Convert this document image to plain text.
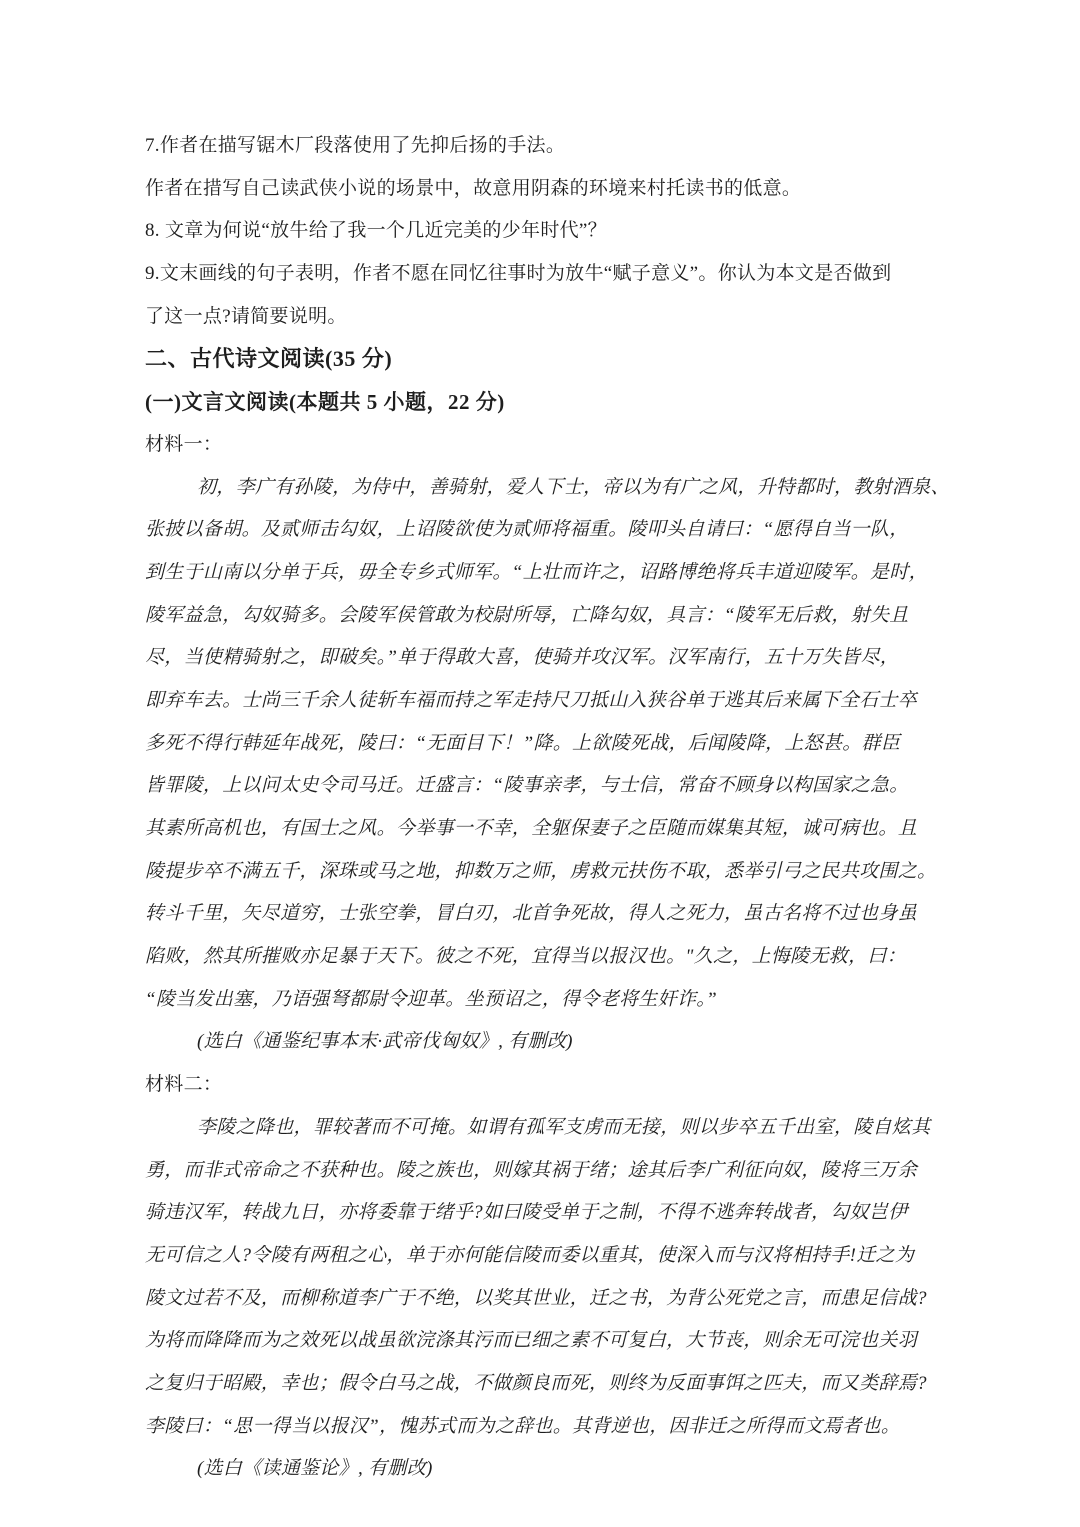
7.作者在描写锯木厂段落使用了先抑后扬的手法。
作者在措写自己读武侠小说的场景中，故意用阴森的环境来村托读书的低意。
8. 文章为何说“放牛给了我一个几近完美的少年时代”？
9.文末画线的句子表明，作者不愿在同忆往事时为放牛“赋子意义”。你认为本文是否做到
了这一点?请简要说明。
二、古代诗文阅读(35 分)
(一)文言文阅读(本题共 5 小题，22 分)
材料一：
初，李广有孙陵，为侍中，善骑射，爱人下士，帝以为有广之风，升特都时，教射酒泉、
张披以备胡。及贰师击勾奴，上诏陵欲使为贰师将福重。陵叩头自请曰：“愿得自当一队，
到生于山南以分单于兵，毋全专乡式师军。“上壮而许之，诏路博绝将兵丰道迎陵军。是时，
陵军益急，勾奴骑多。会陵军侯管敢为校尉所辱，亡降勾奴，具言：“陵军无后救，射失且
尽，当使精骑射之，即破矣。”单于得敢大喜，使骑并攻汉军。汉军南行，五十万失皆尽，
即弃车去。士尚三千余人徒斩车福而持之军走持尺刀抵山入狭谷单于逃其后来属下全石士卒
多死不得行韩延年战死，陵曰：“无面目下！”降。上欲陵死战，后闻陵降，上怒甚。群臣
皆罪陵，上以问太史令司马迁。迁盛言：“陵事亲孝，与士信，常奋不顾身以构国家之急。
其素所高机也，有国士之风。今举事一不幸，全躯保妻子之臣随而媒集其短，诚可病也。且
陵提步卒不满五千，深珠或马之地，抑数万之师，虏救元扶伤不取，悉举引弓之民共攻围之。
转斗千里，矢尽道穷，士张空拳，冒白刃，北首争死故，得人之死力，虽古名将不过也身虽
陷败，然其所摧败亦足暴于天下。彼之不死，宜得当以报汉也。"久之，上悔陵无救，曰：
“陵当发出塞，乃语强弩都尉令迎革。坐预诏之，得令老将生奸诈。”
(选白《通鉴纪事本末·武帝伐匈奴》, 有删改)
材料二：
李陵之降也，罪较著而不可掩。如谓有孤军支虏而无接，则以步卒五千出室，陵自炫其
勇，而非式帝命之不获种也。陵之族也，则嫁其祸于绪；途其后李广利征向奴，陵将三万余
骑违汉军，转战九日，亦将委靠于绪乎?如曰陵受单于之制，不得不逃奔转战者，勾奴岂伊
无可信之人?令陵有两租之心，单于亦何能信陵而委以重其，使深入而与汉将相持手!迁之为
陵文过若不及，而柳称道李广于不绝，以奖其世业，迁之书，为背公死党之言，而患足信战?
为将而降降而为之效死以战虽欲浣涤其污而已细之素不可复白，大节丧，则余无可浣也关羽
之复归于昭殿，幸也；假令白马之战，不做颜良而死，则终为反面事饵之匹夫，而又类辞焉?
李陵曰：“思一得当以报汉”，愧苏式而为之辞也。其背逆也，因非迁之所得而文焉者也。
(选白《读通鉴论》, 有删改)
